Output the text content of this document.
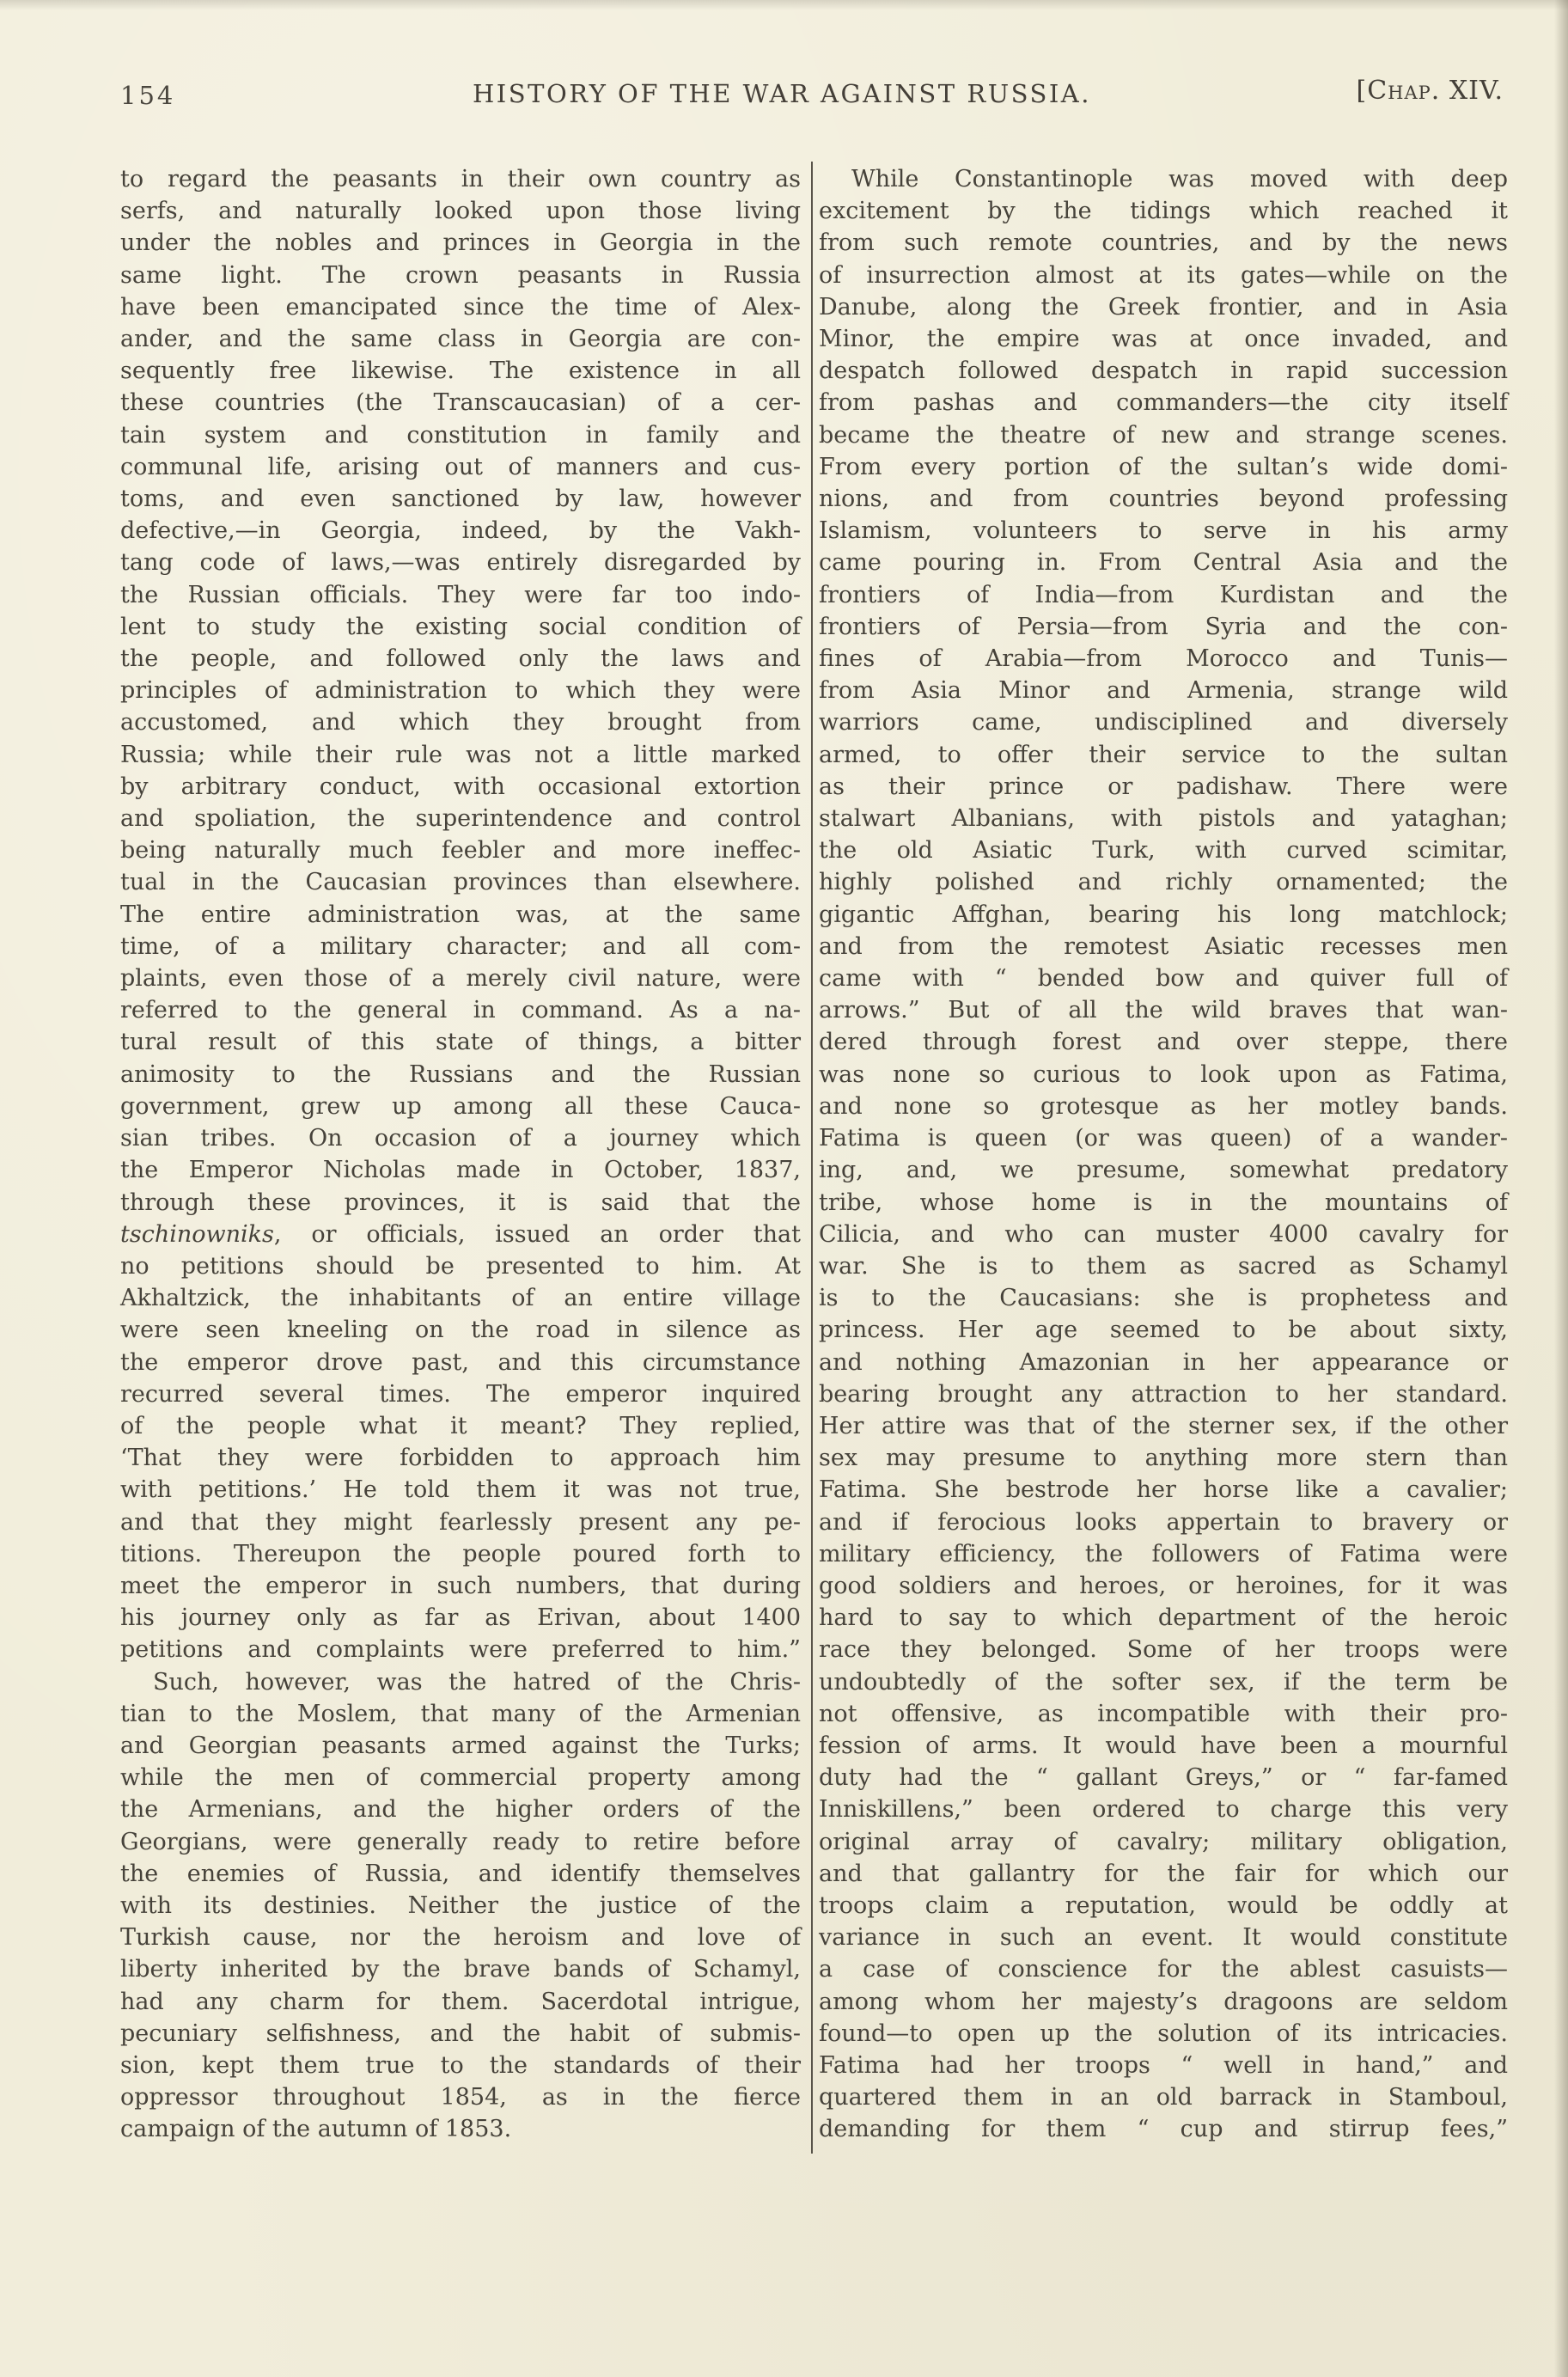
154	HISTORY OF THE WAR AGAINST RUSSIA.	[Chap. XIV.
to regard the peasants in their own country as
serfs, and naturally looked upon those living
under the nobles and princes in Georgia in the
same light. The crown peasants in Russia
have been emancipated since the time of Alex-
ander, and the same class in Georgia are con-
sequently free likewise. The existence in all
these countries (the Transcaucasian) of a cer-
tain system and constitution in family and
communal life, arising out of manners and cus-
toms, and even sanctioned by law, however
defective,—in Georgia, indeed, by the Vakh-
tang code of laws,—was entirely disregarded by
the Russian officials. They were far too indo-
lent to study the existing social condition of
the people, and followed only the laws and
principles of administration to which they were
accustomed, and which they brought from
Russia; while their rule was not a little marked
by arbitrary conduct, with occasional extortion
and spoliation, the superintendence and control
being naturally much feebler and more ineffec-
tual in the Caucasian provinces than elsewhere.
The entire administration was, at the same
time, of a military character; and all com-
plaints, even those of a merely civil nature, were
referred to the general in command. As a na-
tural result of this state of things, a bitter
animosity to the Russians and the Russian
government, grew up among all these Cauca-
sian tribes. On occasion of a journey which
the Emperor Nicholas made in October, 1837,
through these provinces, it is said that the
tschinowniks, or officials, issued an order that
no petitions should be presented to him. At
Akhaltzick, the inhabitants of an entire village
were seen kneeling on the road in silence as
the emperor drove past, and this circumstance
recurred several times. The emperor inquired
of the people what it meant? They replied,
‘That they were forbidden to approach him
with petitions.’ He told them it was not true,
and that they might fearlessly present any pe-
titions. Thereupon the people poured forth to
meet the emperor in such numbers, that during
his journey only as far as Erivan, about 1400
petitions and complaints were preferred to him.”
Such, however, was the hatred of the Chris-
tian to the Moslem, that many of the Armenian
and Georgian peasants armed against the Turks;
while the men of commercial property among
the Armenians, and the higher orders of the
Georgians, were generally ready to retire before
the enemies of Russia, and identify themselves
with its destinies. Neither the justice of the
Turkish cause, nor the heroism and love of
liberty inherited by the brave bands of Schamyl,
had any charm for them. Sacerdotal intrigue,
pecuniary selfishness, and the habit of submis-
sion, kept them true to the standards of their
oppressor throughout 1854, as in the fierce
campaign of the autumn of 1853.
While Constantinople was moved with deep
excitement by the tidings which reached it
from such remote countries, and by the news
of insurrection almost at its gates—while on the
Danube, along the Greek frontier, and in Asia
Minor, the empire was at once invaded, and
despatch followed despatch in rapid succession
from pashas and commanders—the city itself
became the theatre of new and strange scenes.
From every portion of the sultan’s wide domi-
nions, and from countries beyond professing
Islamism, volunteers to serve in his army
came pouring in. From Central Asia and the
frontiers of India—from Kurdistan and the
frontiers of Persia—from Syria and the con-
fines of Arabia—from Morocco and Tunis—
from Asia Minor and Armenia, strange wild
warriors came, undisciplined and diversely
armed, to offer their service to the sultan
as their prince or padishaw. There were
stalwart Albanians, with pistols and yataghan;
the old Asiatic Turk, with curved scimitar,
highly polished and richly ornamented; the
gigantic Affghan, bearing his long matchlock;
and from the remotest Asiatic recesses men
came with “ bended bow and quiver full of
arrows.” But of all the wild braves that wan-
dered through forest and over steppe, there
was none so curious to look upon as Fatima,
and none so grotesque as her motley bands.
Fatima is queen (or was queen) of a wander-
ing, and, we presume, somewhat predatory
tribe, whose home is in the mountains of
Cilicia, and who can muster 4000 cavalry for
war. She is to them as sacred as Schamyl
is to the Caucasians: she is prophetess and
princess. Her age seemed to be about sixty,
and nothing Amazonian in her appearance or
bearing brought any attraction to her standard.
Her attire was that of the sterner sex, if the other
sex may presume to anything more stern than
Fatima. She bestrode her horse like a cavalier;
and if ferocious looks appertain to bravery or
military efficiency, the followers of Fatima were
good soldiers and heroes, or heroines, for it was
hard to say to which department of the heroic
race they belonged. Some of her troops were
undoubtedly of the softer sex, if the term be
not offensive, as incompatible with their pro-
fession of arms. It would have been a mournful
duty had the “ gallant Greys,” or “ far-famed
Inniskillens,” been ordered to charge this very
original array of cavalry; military obligation,
and that gallantry for the fair for which our
troops claim a reputation, would be oddly at
variance in such an event. It would constitute
a case of conscience for the ablest casuists—
among whom her majesty’s dragoons are seldom
found—to open up the solution of its intricacies.
Fatima had her troops “ well in hand,” and
quartered them in an old barrack in Stamboul,
demanding for them “ cup and stirrup fees,”
